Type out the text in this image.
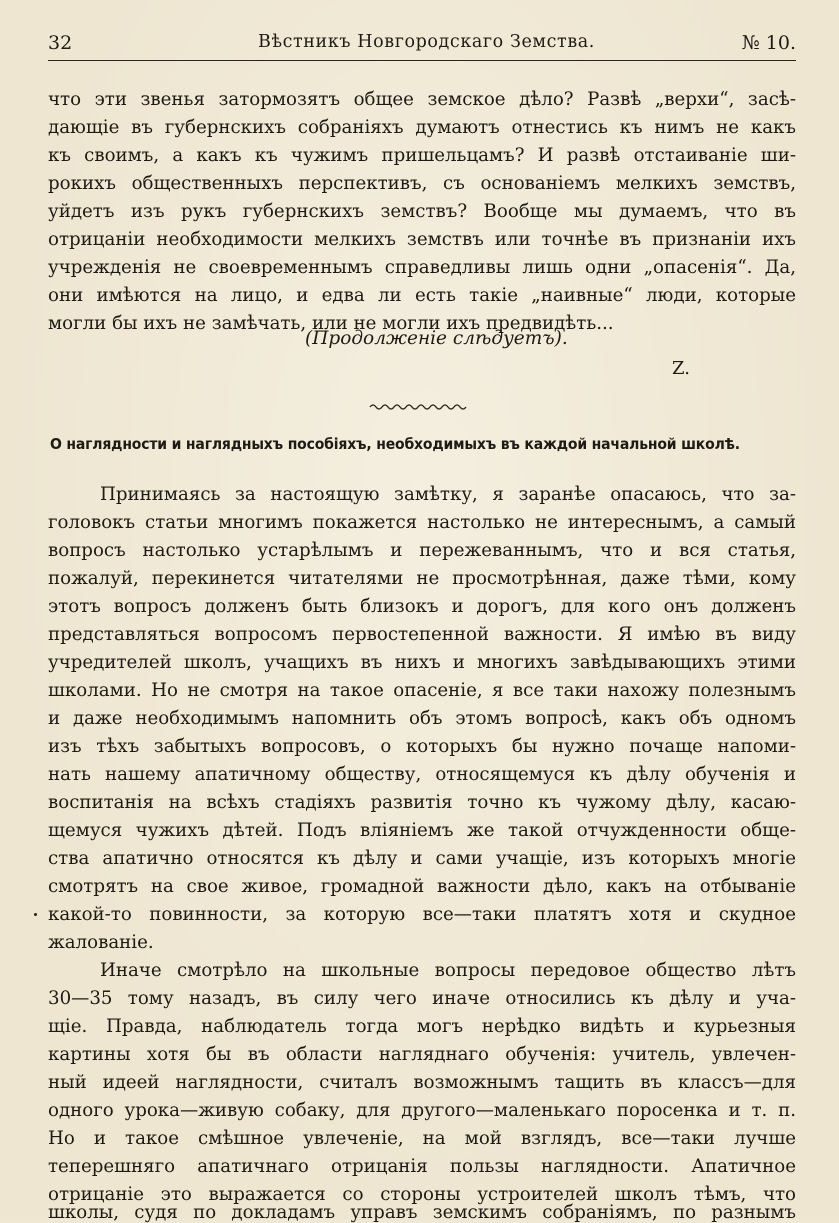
32	Вѣстникъ Новгородскаго Земства.	№ 10.
что эти звенья затормозятъ общее земское дѣло? Развѣ „верхи“, засѣ-
дающіе въ губернскихъ собраніяхъ думаютъ отнестись къ нимъ не какъ
къ своимъ, а какъ къ чужимъ пришельцамъ? И развѣ отстаиваніе ши-
рокихъ общественныхъ перспективъ, съ основаніемъ мелкихъ земствъ,
уйдетъ изъ рукъ губернскихъ земствъ? Вообще мы думаемъ, что въ
отрицаніи необходимости мелкихъ земствъ или точнѣе въ признаніи ихъ
учрежденія не своевременнымъ справедливы лишь одни „опасенія“. Да,
они имѣются на лицо, и едва ли есть такіе „наивные“ люди, которые
могли бы ихъ не замѣчать, или не могли ихъ предвидѣть...
(Продолженіе слѣдуетъ).
Z.
О наглядности и наглядныхъ пособіяхъ, необходимыхъ въ каждой начальной школѣ.
Принимаясь за настоящую замѣтку, я заранѣе опасаюсь, что за-
головокъ статьи многимъ покажется настолько не интереснымъ, а самый
вопросъ настолько устарѣлымъ и пережеваннымъ, что и вся статья,
пожалуй, перекинется читателями не просмотрѣнная, даже тѣми, кому
этотъ вопросъ долженъ быть близокъ и дорогъ, для кого онъ долженъ
представляться вопросомъ первостепенной важности. Я имѣю въ виду
учредителей школъ, учащихъ въ нихъ и многихъ завѣдывающихъ этими
школами. Но не смотря на такое опасеніе, я все таки нахожу полезнымъ
и даже необходимымъ напомнить объ этомъ вопросѣ, какъ объ одномъ
изъ тѣхъ забытыхъ вопросовъ, о которыхъ бы нужно почаще напоми-
нать нашему апатичному обществу, относящемуся къ дѣлу обученія и
воспитанія на всѣхъ стадіяхъ развитія точно къ чужому дѣлу, касаю-
щемуся чужихъ дѣтей. Подъ вліяніемъ же такой отчужденности обще-
ства апатично относятся къ дѣлу и сами учащіе, изъ которыхъ многіе
смотрятъ на свое живое, громадной важности дѣло, какъ на отбываніе
какой-то повинности, за которую все—таки платятъ хотя и скудное
жалованіе.
Иначе смотрѣло на школьные вопросы передовое общество лѣтъ
30—35 тому назадъ, въ силу чего иначе относились къ дѣлу и уча-
щіе. Правда, наблюдатель тогда могъ нерѣдко видѣть и курьезныя
картины хотя бы въ области нагляднаго обученія: учитель, увлечен-
ный идеей наглядности, считалъ возможнымъ тащить въ классъ—для
одного урока—живую собаку, для другого—маленькаго поросенка и т. п.
Но и такое смѣшное увлеченіе, на мой взглядъ, все—таки лучше
теперешняго апатичнаго отрицанія пользы наглядности. Апатичное
отрицаніе это выражается со стороны устроителей школъ тѣмъ, что
школы, судя по докладамъ управъ земскимъ собраніямъ, по разнымъ
